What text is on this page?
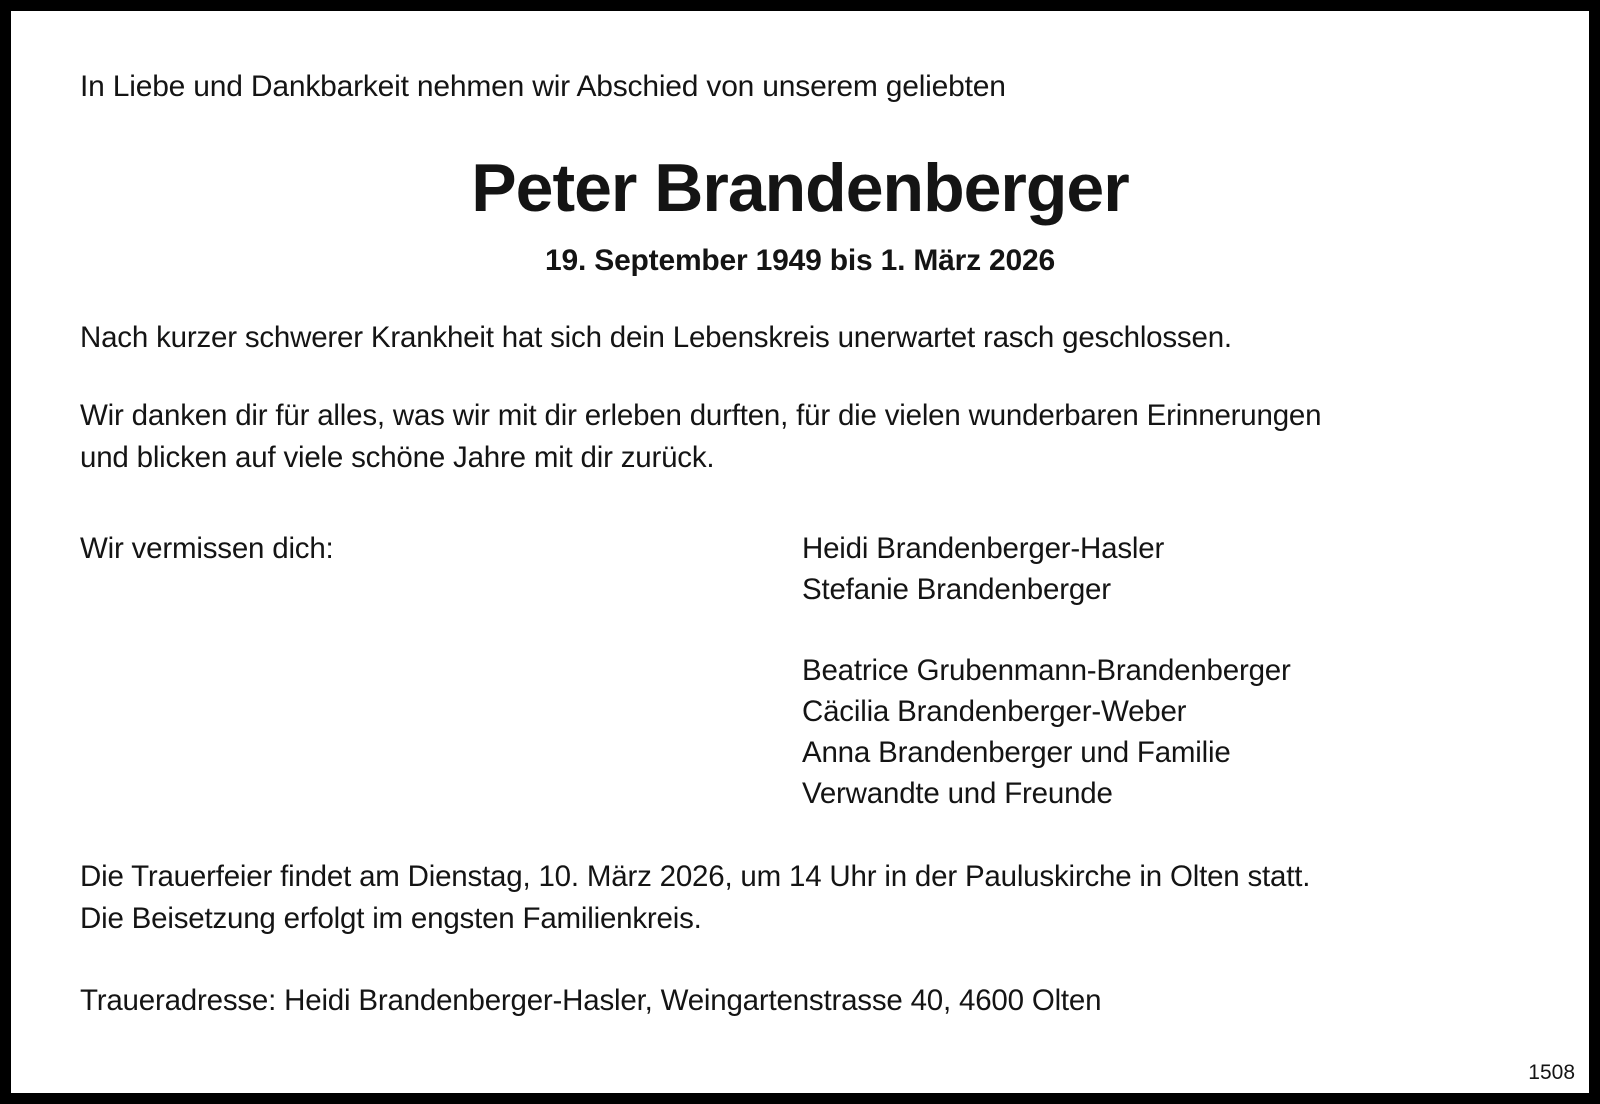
In Liebe und Dankbarkeit nehmen wir Abschied von unserem geliebten
Peter Brandenberger
19. September 1949 bis 1. März 2026
Nach kurzer schwerer Krankheit hat sich dein Lebenskreis unerwartet rasch geschlossen.
Wir danken dir für alles, was wir mit dir erleben durften, für die vielen wunderbaren Erinnerungen
und blicken auf viele schöne Jahre mit dir zurück.
Wir vermissen dich:	Heidi Brandenberger-Hasler
Stefanie Brandenberger
Beatrice Grubenmann-Brandenberger
Cäcilia Brandenberger-Weber
Anna Brandenberger und Familie
Verwandte und Freunde
Die Trauerfeier findet am Dienstag, 10. März 2026, um 14 Uhr in der Pauluskirche in Olten statt.
Die Beisetzung erfolgt im engsten Familienkreis.
Traueradresse: Heidi Brandenberger-Hasler, Weingartenstrasse 40, 4600 Olten
1508
